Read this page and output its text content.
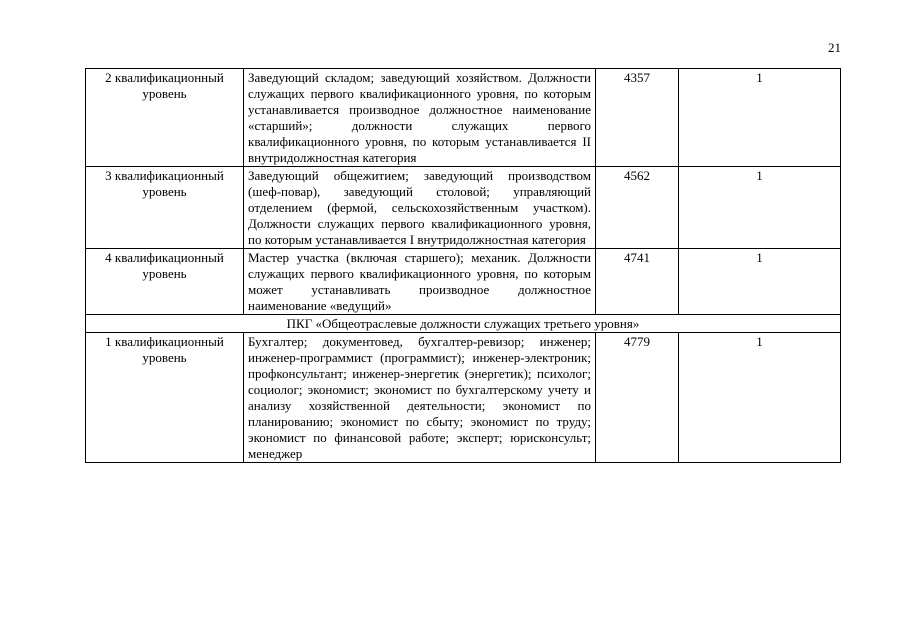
21
2 квалификационный уровень	Заведующий складом; заведующий хозяйством. Должности служащих первого квалификационного уровня, по которым устанавливается производное должностное наименование «старший»; должности служащих первого квалификационного уровня, по которым устанавливается II внутридолжностная категория	4357	1
3 квалификационный уровень	Заведующий общежитием; заведующий производством (шеф-повар), заведующий столовой; управляющий отделением (фермой, сельскохозяйственным участком). Должности служащих первого квалификационного уровня, по которым устанавливается I внутридолжностная категория	4562	1
4 квалификационный уровень	Мастер участка (включая старшего); механик. Должности служащих первого квалификационного уровня, по которым может устанавливать производное должностное наименование «ведущий»	4741	1
ПКГ «Общеотраслевые должности служащих третьего уровня»			
1 квалификационный уровень	Бухгалтер; документовед, бухгалтер-ревизор; инженер; инженер-программист (программист); инженер-электроник; профконсультант; инженер-энергетик (энергетик); психолог; социолог; экономист; экономист по бухгалтерскому учету и анализу хозяйственной деятельности; экономист по планированию; экономист по сбыту; экономист по труду; экономист по финансовой работе; эксперт; юрисконсульт; менеджер	4779	1
